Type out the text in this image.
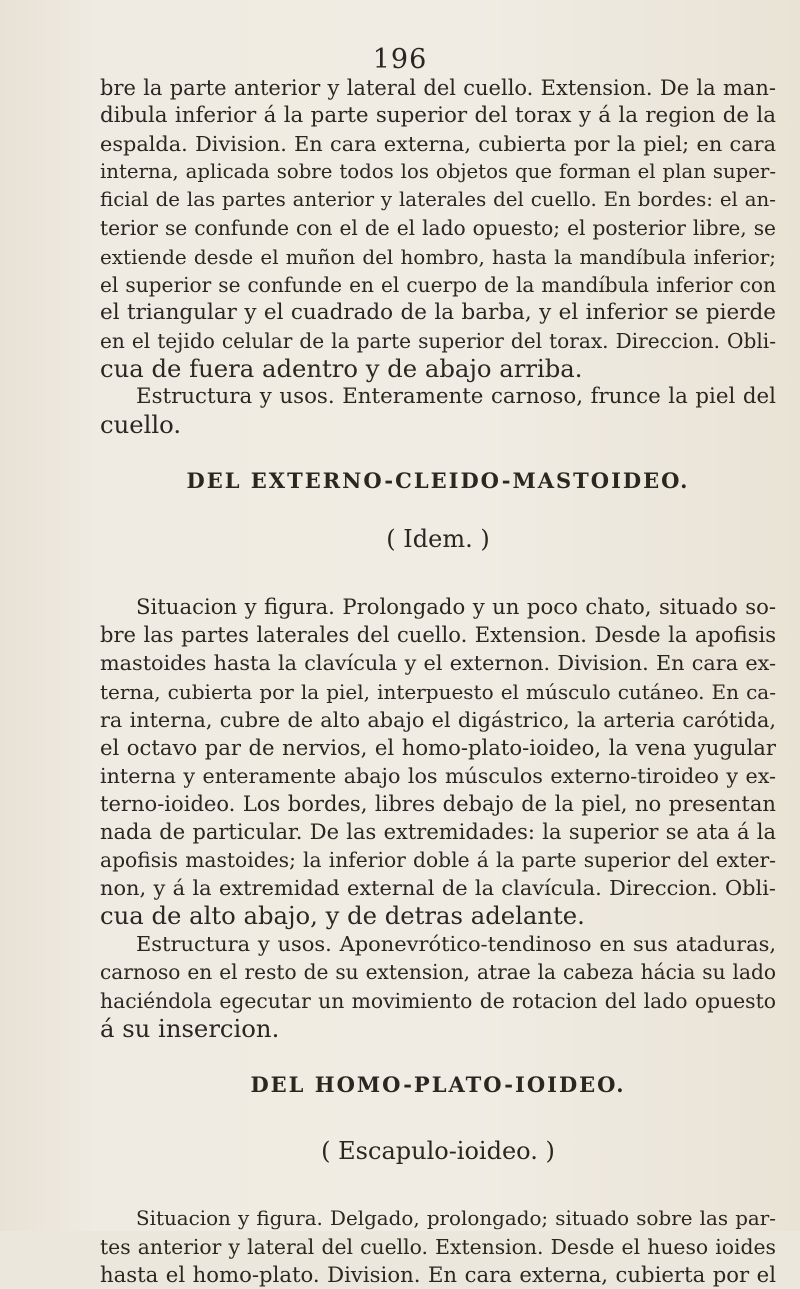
196
bre la parte anterior y lateral del cuello. Extension. De la man-
dibula inferior á la parte superior del torax y á la region de la
espalda. Division. En cara externa, cubierta por la piel; en cara
interna, aplicada sobre todos los objetos que forman el plan super-
ficial de las partes anterior y laterales del cuello. En bordes: el an-
terior se confunde con el de el lado opuesto; el posterior libre, se
extiende desde el muñon del hombro, hasta la mandíbula inferior;
el superior se confunde en el cuerpo de la mandíbula inferior con
el triangular y el cuadrado de la barba, y el inferior se pierde
en el tejido celular de la parte superior del torax. Direccion. Obli-
cua de fuera adentro y de abajo arriba.
Estructura y usos. Enteramente carnoso, frunce la piel del
cuello.
DEL EXTERNO-CLEIDO-MASTOIDEO.
( Idem. )
Situacion y figura. Prolongado y un poco chato, situado so-
bre las partes laterales del cuello. Extension. Desde la apofisis
mastoides hasta la clavícula y el externon. Division. En cara ex-
terna, cubierta por la piel, interpuesto el músculo cutáneo. En ca-
ra interna, cubre de alto abajo el digástrico, la arteria carótida,
el octavo par de nervios, el homo-plato-ioideo, la vena yugular
interna y enteramente abajo los músculos externo-tiroideo y ex-
terno-ioideo. Los bordes, libres debajo de la piel, no presentan
nada de particular. De las extremidades: la superior se ata á la
apofisis mastoides; la inferior doble á la parte superior del exter-
non, y á la extremidad external de la clavícula. Direccion. Obli-
cua de alto abajo, y de detras adelante.
Estructura y usos. Aponevrótico-tendinoso en sus ataduras,
carnoso en el resto de su extension, atrae la cabeza hácia su lado
haciéndola egecutar un movimiento de rotacion del lado opuesto
á su insercion.
DEL HOMO-PLATO-IOIDEO.
( Escapulo-ioideo. )
Situacion y figura. Delgado, prolongado; situado sobre las par-
tes anterior y lateral del cuello. Extension. Desde el hueso ioides
hasta el homo-plato. Division. En cara externa, cubierta por el
